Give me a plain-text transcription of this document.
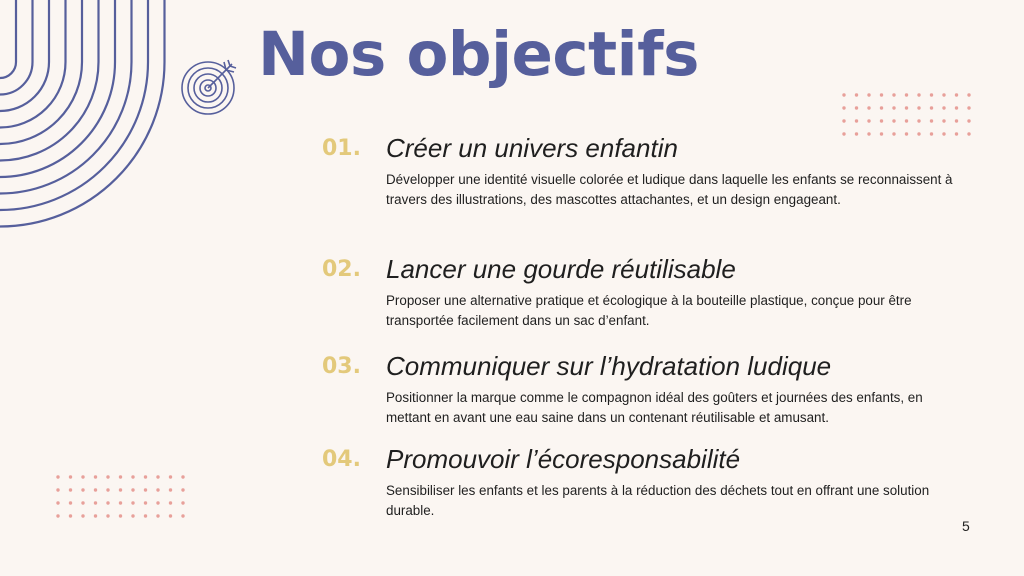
Nos objectifs
01. Créer un univers enfantin
Développer une identité visuelle colorée et ludique dans laquelle les enfants se reconnaissent à travers des illustrations, des mascottes attachantes, et un design engageant.
02. Lancer une gourde réutilisable
Proposer une alternative pratique et écologique à la bouteille plastique, conçue pour être transportée facilement dans un sac d’enfant.
03. Communiquer sur l’hydratation ludique
Positionner la marque comme le compagnon idéal des goûters et journées des enfants, en mettant en avant une eau saine dans un contenant réutilisable et amusant.
04. Promouvoir l’écoresponsabilité
Sensibiliser les enfants et les parents à la réduction des déchets tout en offrant une solution durable.
5
